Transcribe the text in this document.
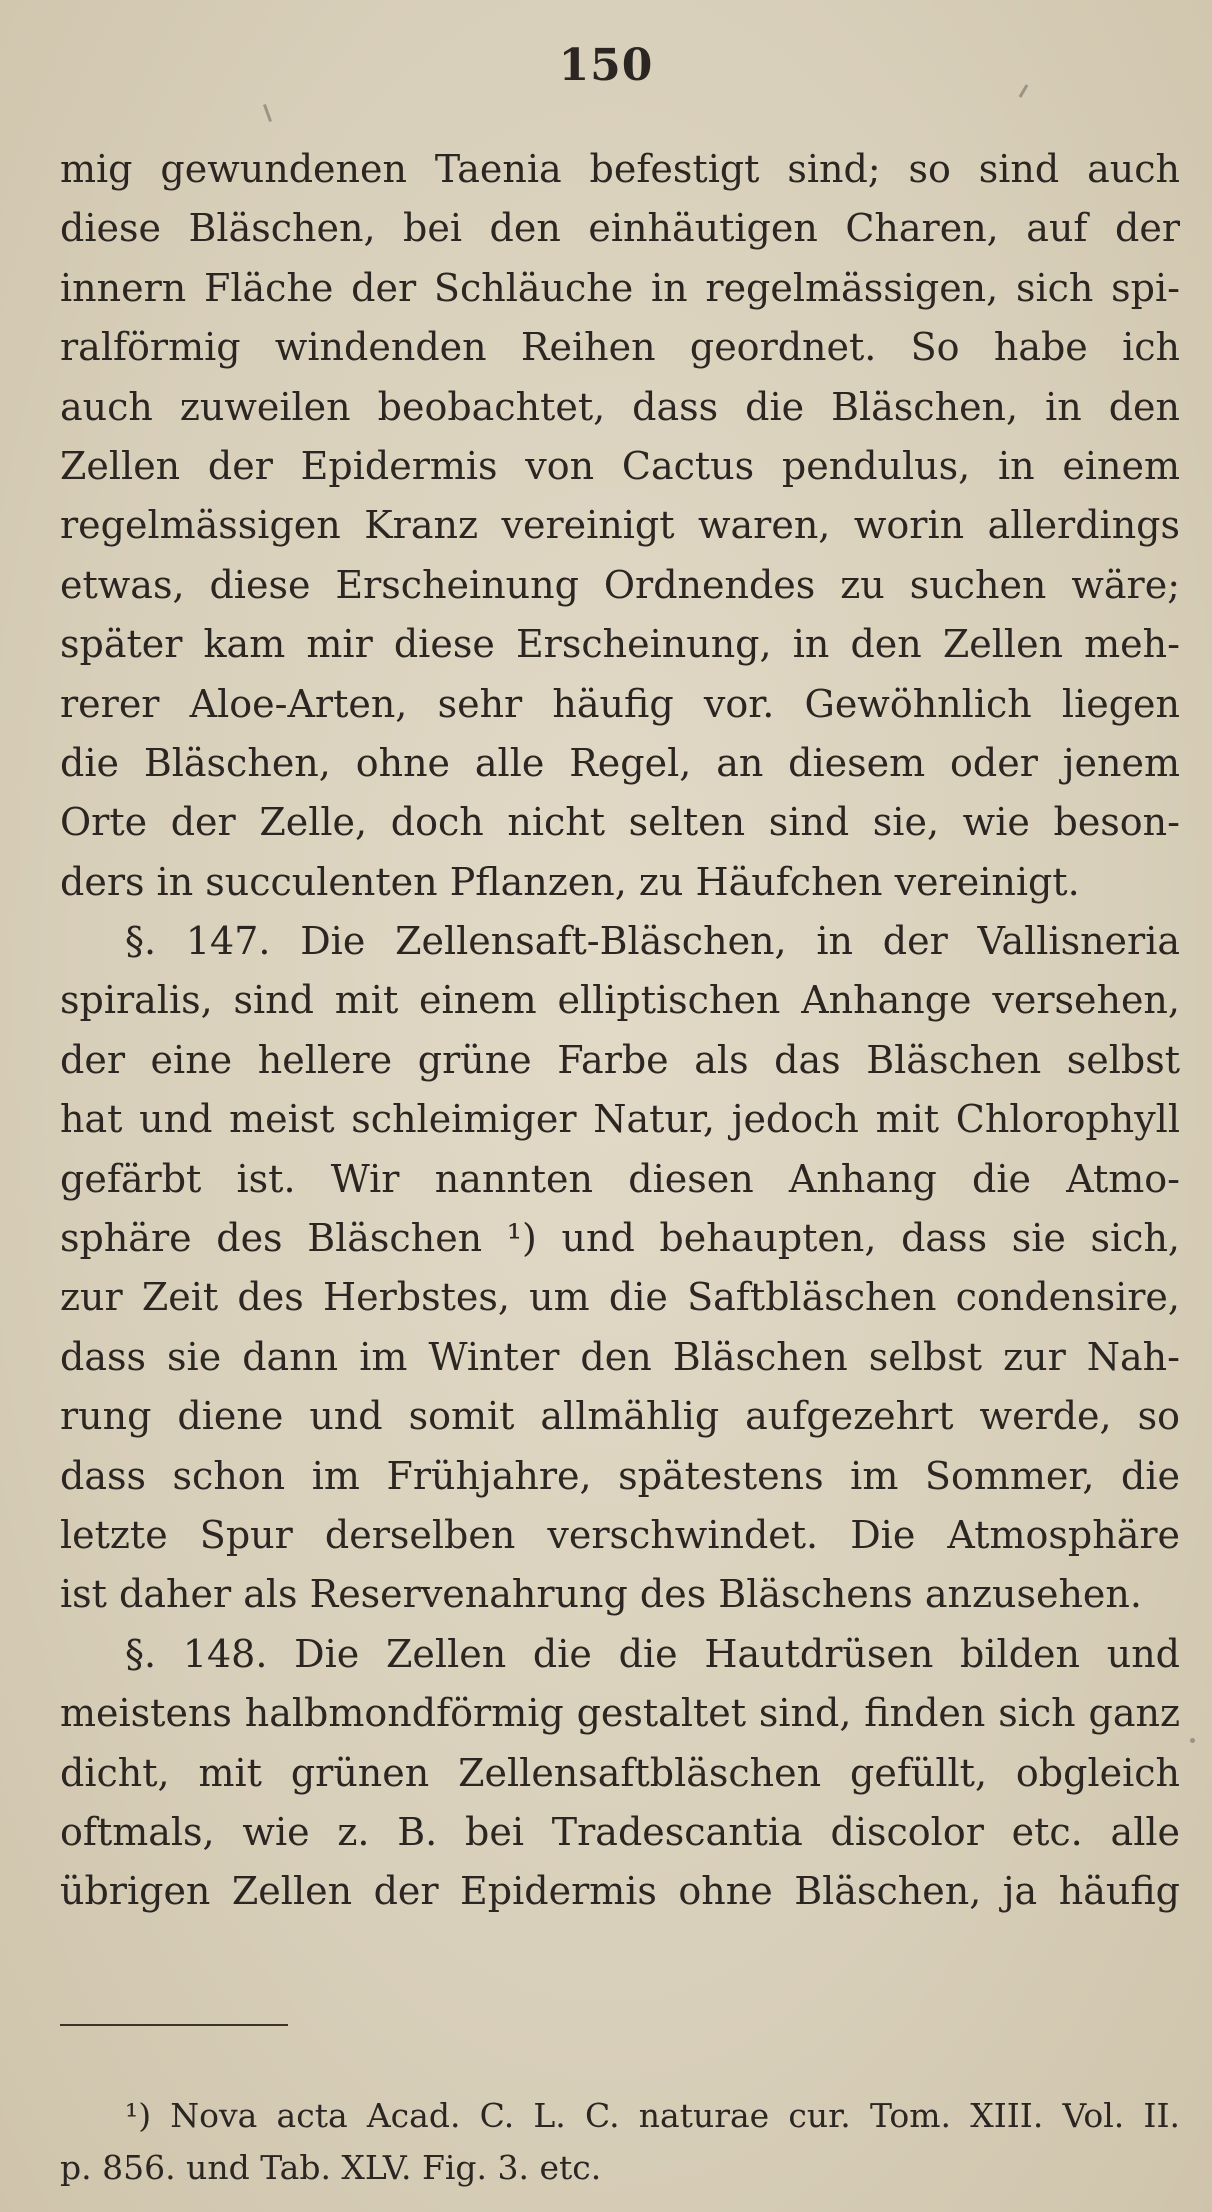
150
mig gewundenen Taenia befestigt sind; so sind auch
diese Bläschen, bei den einhäutigen Charen, auf der
innern Fläche der Schläuche in regelmässigen, sich spi-
ralförmig windenden Reihen geordnet. So habe ich
auch zuweilen beobachtet, dass die Bläschen, in den
Zellen der Epidermis von Cactus pendulus, in einem
regelmässigen Kranz vereinigt waren, worin allerdings
etwas, diese Erscheinung Ordnendes zu suchen wäre;
später kam mir diese Erscheinung, in den Zellen meh-
rerer Aloe-Arten, sehr häufig vor. Gewöhnlich liegen
die Bläschen, ohne alle Regel, an diesem oder jenem
Orte der Zelle, doch nicht selten sind sie, wie beson-
ders in succulenten Pflanzen, zu Häufchen vereinigt.
§. 147. Die Zellensaft-Bläschen, in der Vallisneria
spiralis, sind mit einem elliptischen Anhange versehen,
der eine hellere grüne Farbe als das Bläschen selbst
hat und meist schleimiger Natur, jedoch mit Chlorophyll
gefärbt ist. Wir nannten diesen Anhang die Atmo-
sphäre des Bläschen ¹) und behaupten, dass sie sich,
zur Zeit des Herbstes, um die Saftbläschen condensire,
dass sie dann im Winter den Bläschen selbst zur Nah-
rung diene und somit allmählig aufgezehrt werde, so
dass schon im Frühjahre, spätestens im Sommer, die
letzte Spur derselben verschwindet. Die Atmosphäre
ist daher als Reservenahrung des Bläschens anzusehen.
§. 148. Die Zellen die die Hautdrüsen bilden und
meistens halbmondförmig gestaltet sind, finden sich ganz
dicht, mit grünen Zellensaftbläschen gefüllt, obgleich
oftmals, wie z. B. bei Tradescantia discolor etc. alle
übrigen Zellen der Epidermis ohne Bläschen, ja häufig
¹) Nova acta Acad. C. L. C. naturae cur. Tom. XIII. Vol. II.
p. 856. und Tab. XLV. Fig. 3. etc.
